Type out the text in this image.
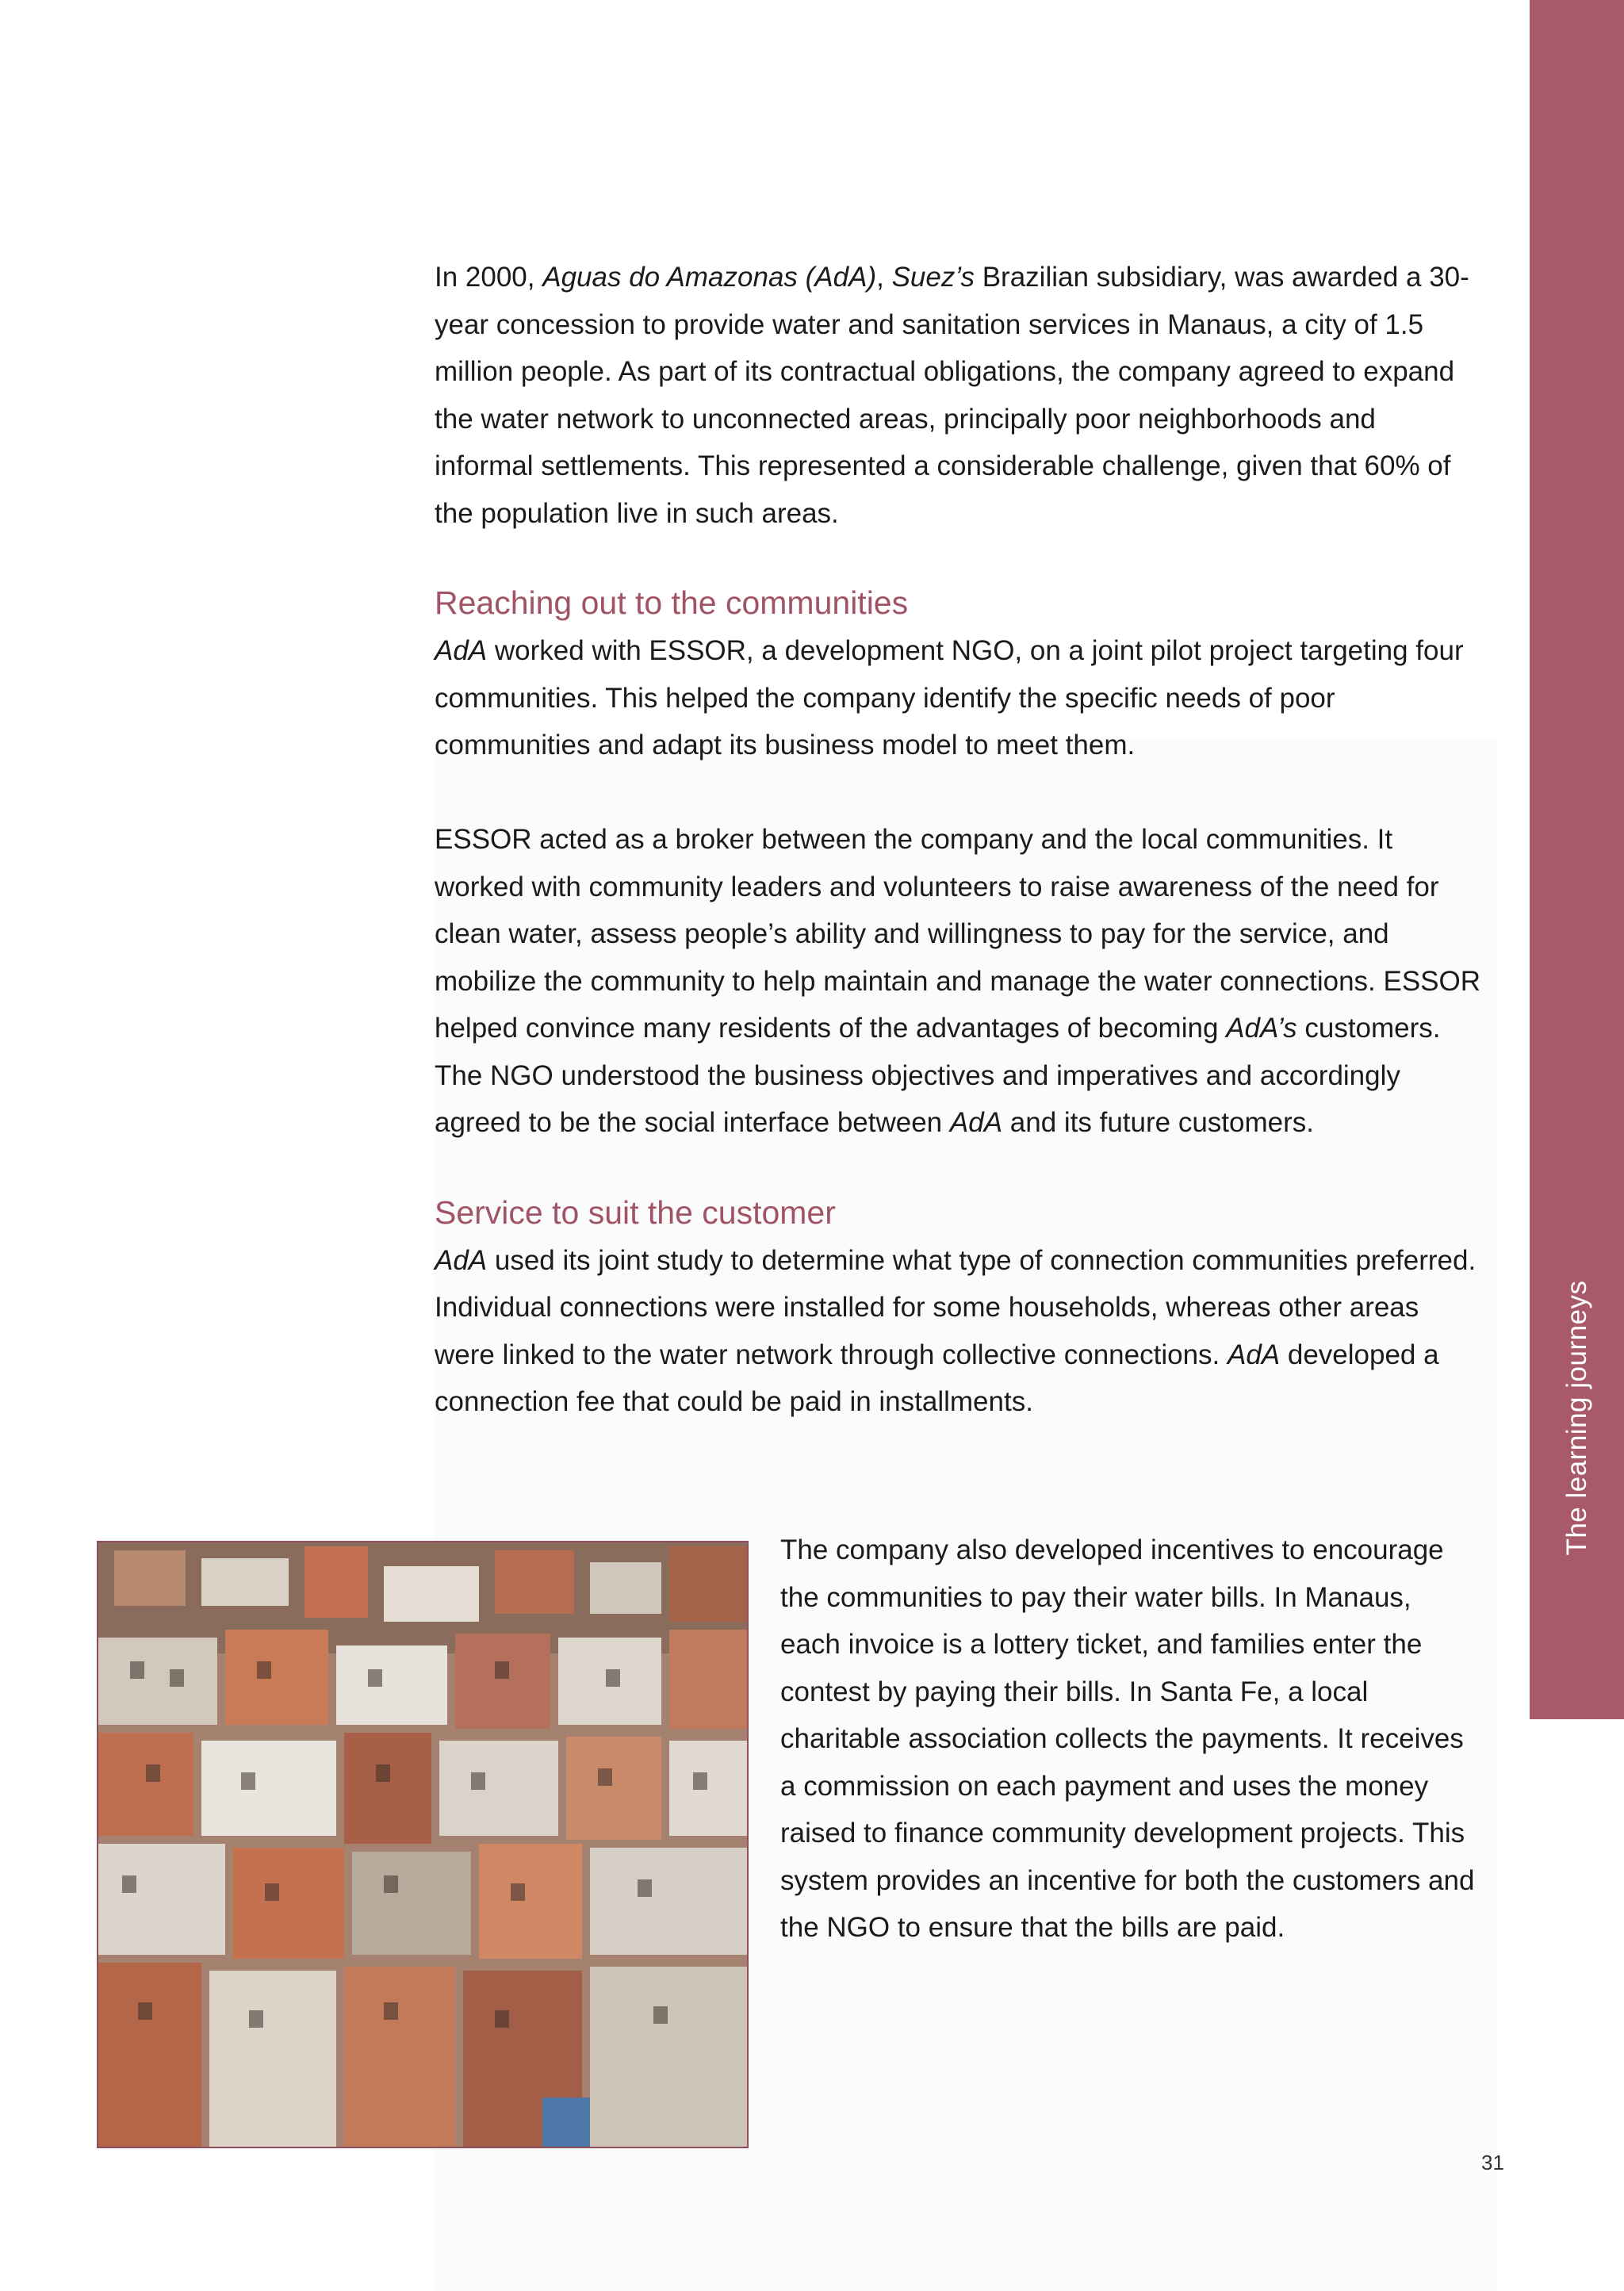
The learning journeys

In 2000, Aguas do Amazonas (AdA), Suez’s Brazilian subsidiary, was awarded a 30-year concession to provide water and sanitation services in Manaus, a city of 1.5 million people. As part of its contractual obligations, the company agreed to expand the water network to unconnected areas, principally poor neighborhoods and informal settlements. This represented a considerable challenge, given that 60% of the population live in such areas.

Reaching out to the communities

AdA worked with ESSOR, a development NGO, on a joint pilot project targeting four communities. This helped the company identify the specific needs of poor communities and adapt its business model to meet them.

ESSOR acted as a broker between the company and the local communities. It worked with community leaders and volunteers to raise awareness of the need for clean water, assess people’s ability and willingness to pay for the service, and mobilize the community to help maintain and manage the water connections. ESSOR helped convince many residents of the advantages of becoming AdA’s customers. The NGO understood the business objectives and imperatives and accordingly agreed to be the social interface between AdA and its future customers.

Service to suit the customer

AdA used its joint study to determine what type of connection communities preferred. Individual connections were installed for some households, whereas other areas were linked to the water network through collective connections. AdA developed a connection fee that could be paid in installments.

The company also developed incentives to encourage the communities to pay their water bills. In Manaus, each invoice is a lottery ticket, and families enter the contest by paying their bills. In Santa Fe, a local charitable association collects the payments. It receives a commission on each payment and uses the money raised to finance community development projects. This system provides an incentive for both the customers and the NGO to ensure that the bills are paid.

31
